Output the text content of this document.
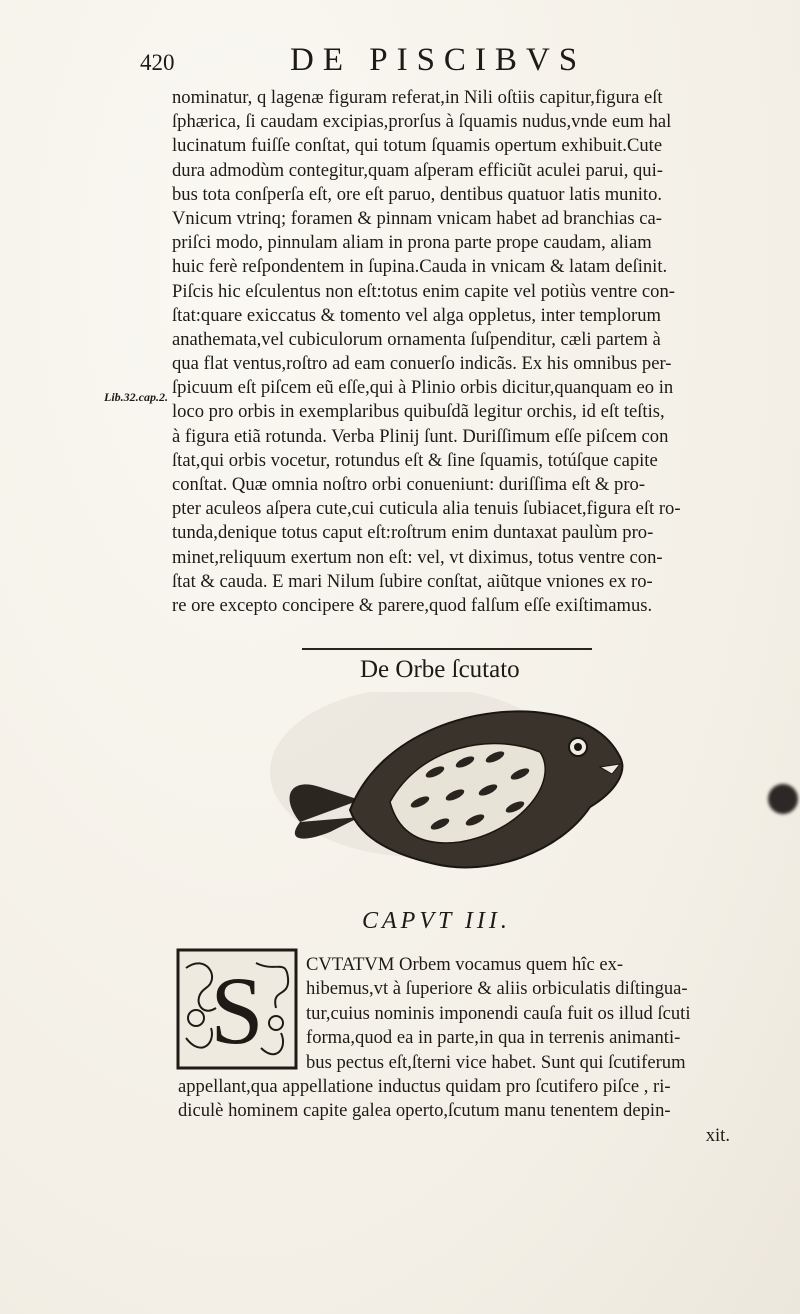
420	DE PISCIBVS
Lib.32.cap.2.
nominatur, q lagenæ figuram referat,in Nili oſtiis capitur,figura eſt
ſphærica, ſi caudam excipias,prorſus à ſquamis nudus,vnde eum hal
lucinatum fuiſſe conſtat, qui totum ſquamis opertum exhibuit.Cute
dura admodùm contegitur,quam aſperam efficiũt aculei parui, qui-
bus tota conſperſa eſt, ore eſt paruo, dentibus quatuor latis munito.
Vnicum vtrinq; foramen & pinnam vnicam habet ad branchias ca-
priſci modo, pinnulam aliam in prona parte prope caudam, aliam
huic ferè reſpondentem in ſupina.Cauda in vnicam & latam deſinit.
Piſcis hic eſculentus non eſt:totus enim capite vel potiùs ventre con-
ſtat:quare exiccatus & tomento vel alga oppletus, inter templorum
anathemata,vel cubiculorum ornamenta ſuſpenditur, cæli partem à
qua flat ventus,roſtro ad eam conuerſo indicãs. Ex his omnibus per-
ſpicuum eſt piſcem eũ eſſe,qui à Plinio orbis dicitur,quanquam eo in
loco pro orbis in exemplaribus quibuſdã legitur orchis, id eſt teſtis,
à figura etiã rotunda. Verba Plinij ſunt. Duriſſimum eſſe piſcem con
ſtat,qui orbis vocetur, rotundus eſt & ſine ſquamis, totúſque capite
conſtat. Quæ omnia noſtro orbi conueniunt: duriſſima eſt & pro-
pter aculeos aſpera cute,cui cuticula alia tenuis ſubiacet,figura eſt ro-
tunda,denique totus caput eſt:roſtrum enim duntaxat paulùm pro-
minet,reliquum exertum non eſt: vel, vt diximus, totus ventre con-
ſtat & cauda. E mari Nilum ſubire conſtat, aiũtque vniones ex ro-
re ore excepto concipere & parere,quod falſum eſſe exiſtimamus.
De Orbe ſcutato
CAPVT III.
S	CVTATVM Orbem vocamus quem hîc ex-
hibemus,vt à ſuperiore & aliis orbiculatis diſtingua-
tur,cuius nominis imponendi cauſa fuit os illud ſcuti
forma,quod ea in parte,in qua in terrenis animanti-
bus pectus eſt,ſterni vice habet. Sunt qui ſcutiferum
appellant,qua appellatione inductus quidam pro ſcutifero piſce , ri-
diculè hominem capite galea operto,ſcutum manu tenentem depin-
xit.
